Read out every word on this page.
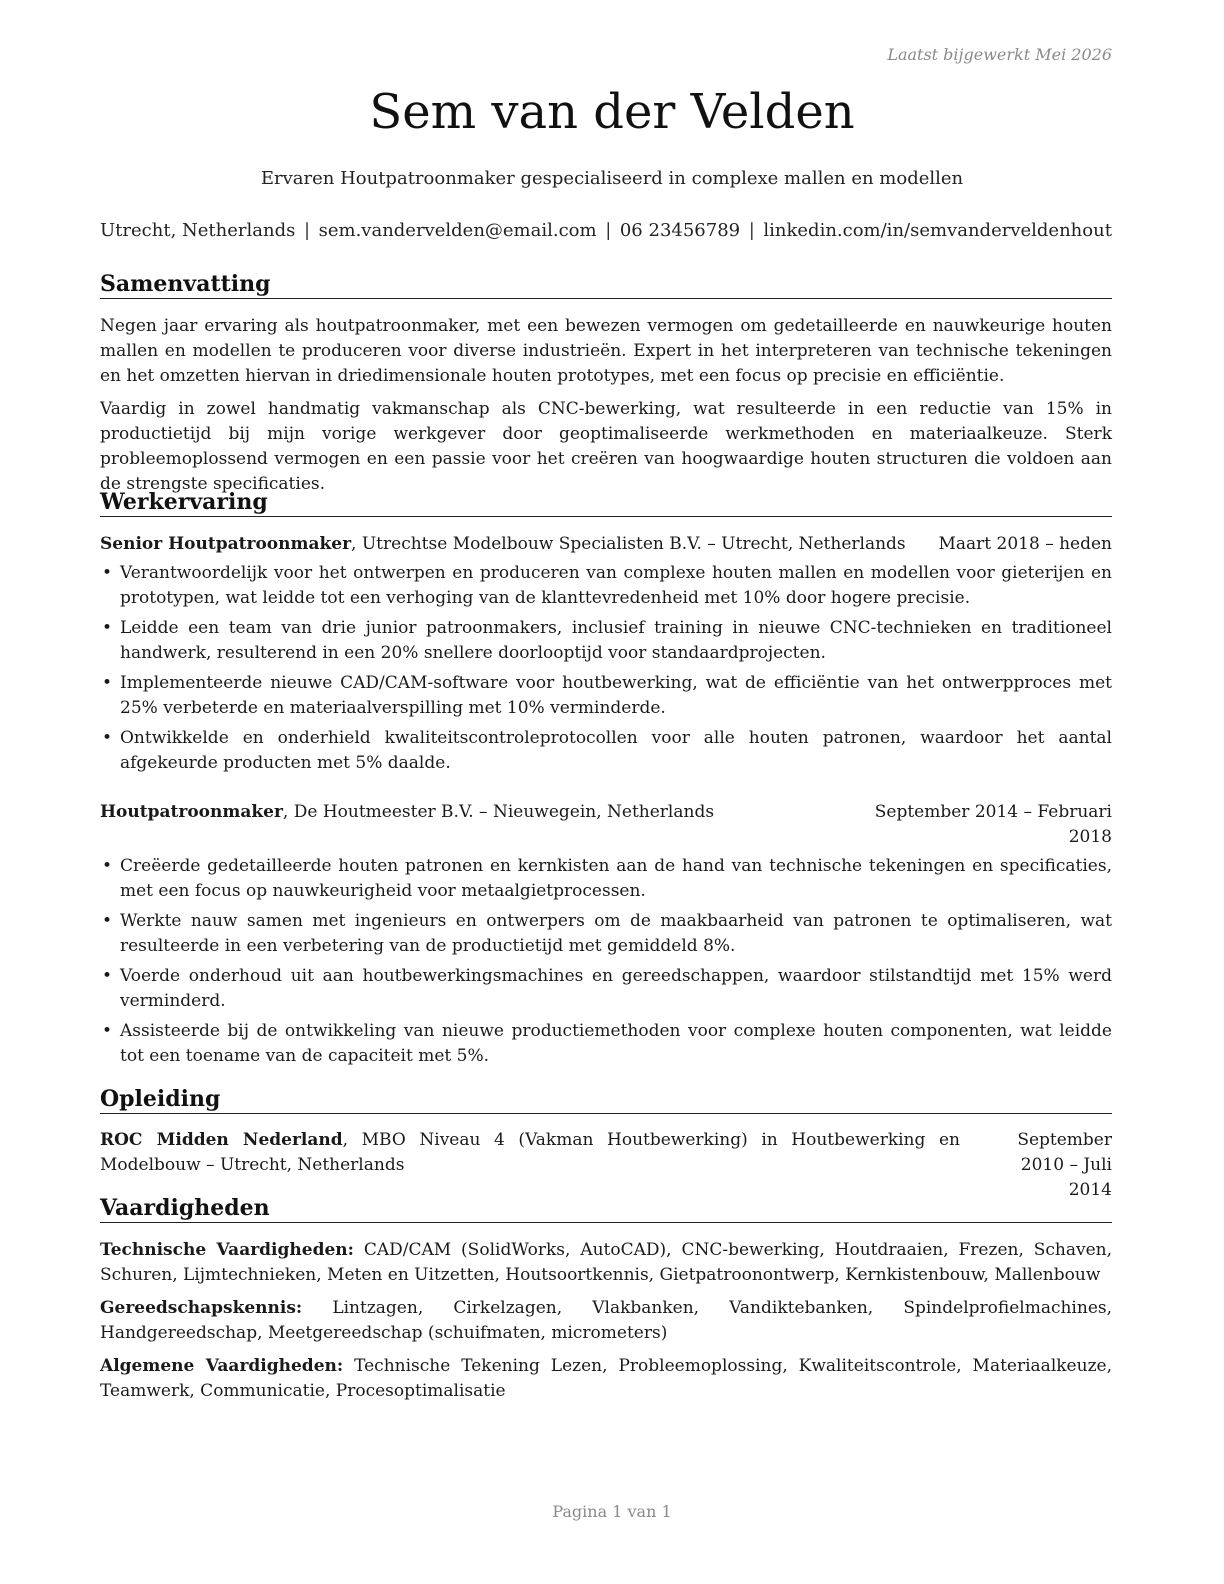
Laatst bijgewerkt Mei 2026
Sem van der Velden
Ervaren Houtpatroonmaker gespecialiseerd in complexe mallen en modellen
Utrecht, Netherlands | sem.vandervelden@email.com | 06 23456789 | linkedin.com/in/semvanderveldenhout
Samenvatting

Negen jaar ervaring als houtpatroonmaker, met een bewezen vermogen om gedetailleerde en nauwkeurige houten mallen en modellen te produceren voor diverse industrieën. Expert in het interpreteren van technische tekeningen en het omzetten hiervan in driedimensionale houten prototypes, met een focus op precisie en efficiëntie.

Vaardig in zowel handmatig vakmanschap als CNC-bewerking, wat resulteerde in een reductie van 15% in productietijd bij mijn vorige werkgever door geoptimaliseerde werkmethoden en materiaalkeuze. Sterk probleemoplossend vermogen en een passie voor het creëren van hoogwaardige houten structuren die voldoen aan de strengste specificaties.

Werkervaring
Senior Houtpatroonmaker, Utrechtse Modelbouw Specialisten B.V. – Utrecht, Netherlands Maart 2018 – heden
• Verantwoordelijk voor het ontwerpen en produceren van complexe houten mallen en modellen voor gieterijen en prototypen, wat leidde tot een verhoging van de klanttevredenheid met 10% door hogere precisie.
• Leidde een team van drie junior patroonmakers, inclusief training in nieuwe CNC-technieken en traditioneel handwerk, resulterend in een 20% snellere doorlooptijd voor standaardprojecten.
• Implementeerde nieuwe CAD/CAM-software voor houtbewerking, wat de efficiëntie van het ontwerpproces met 25% verbeterde en materiaalverspilling met 10% verminderde.
• Ontwikkelde en onderhield kwaliteitscontroleprotocollen voor alle houten patronen, waardoor het aantal afgekeurde producten met 5% daalde.
Houtpatroonmaker, De Houtmeester B.V. – Nieuwegein, Netherlands	September 2014 – Februari 2018
• Creëerde gedetailleerde houten patronen en kernkisten aan de hand van technische tekeningen en specificaties, met een focus op nauwkeurigheid voor metaalgietprocessen.
• Werkte nauw samen met ingenieurs en ontwerpers om de maakbaarheid van patronen te optimaliseren, wat resulteerde in een verbetering van de productietijd met gemiddeld 8%.
• Voerde onderhoud uit aan houtbewerkingsmachines en gereedschappen, waardoor stilstandtijd met 15% werd verminderd.
• Assisteerde bij de ontwikkeling van nieuwe productiemethoden voor complexe houten componenten, wat leidde tot een toename van de capaciteit met 5%.
Opleiding
ROC Midden Nederland, MBO Niveau 4 (Vakman Houtbewerking) in Houtbewerking en Modelbouw – Utrecht, Netherlands
September 2010 – Juli 2014
Vaardigheden

Technische Vaardigheden: CAD/CAM (SolidWorks, AutoCAD), CNC-bewerking, Houtdraaien, Frezen, Schaven, Schuren, Lijmtechnieken, Meten en Uitzetten, Houtsoortkennis, Gietpatroonontwerp, Kernkistenbouw, Mallenbouw

Gereedschapskennis: Lintzagen, Cirkelzagen, Vlakbanken, Vandiktebanken, Spindelprofielmachines, Handgereedschap, Meetgereedschap (schuifmaten, micrometers)

Algemene Vaardigheden: Technische Tekening Lezen, Probleemoplossing, Kwaliteitscontrole, Materiaalkeuze, Teamwerk, Communicatie, Procesoptimalisatie

Pagina 1 van 1
